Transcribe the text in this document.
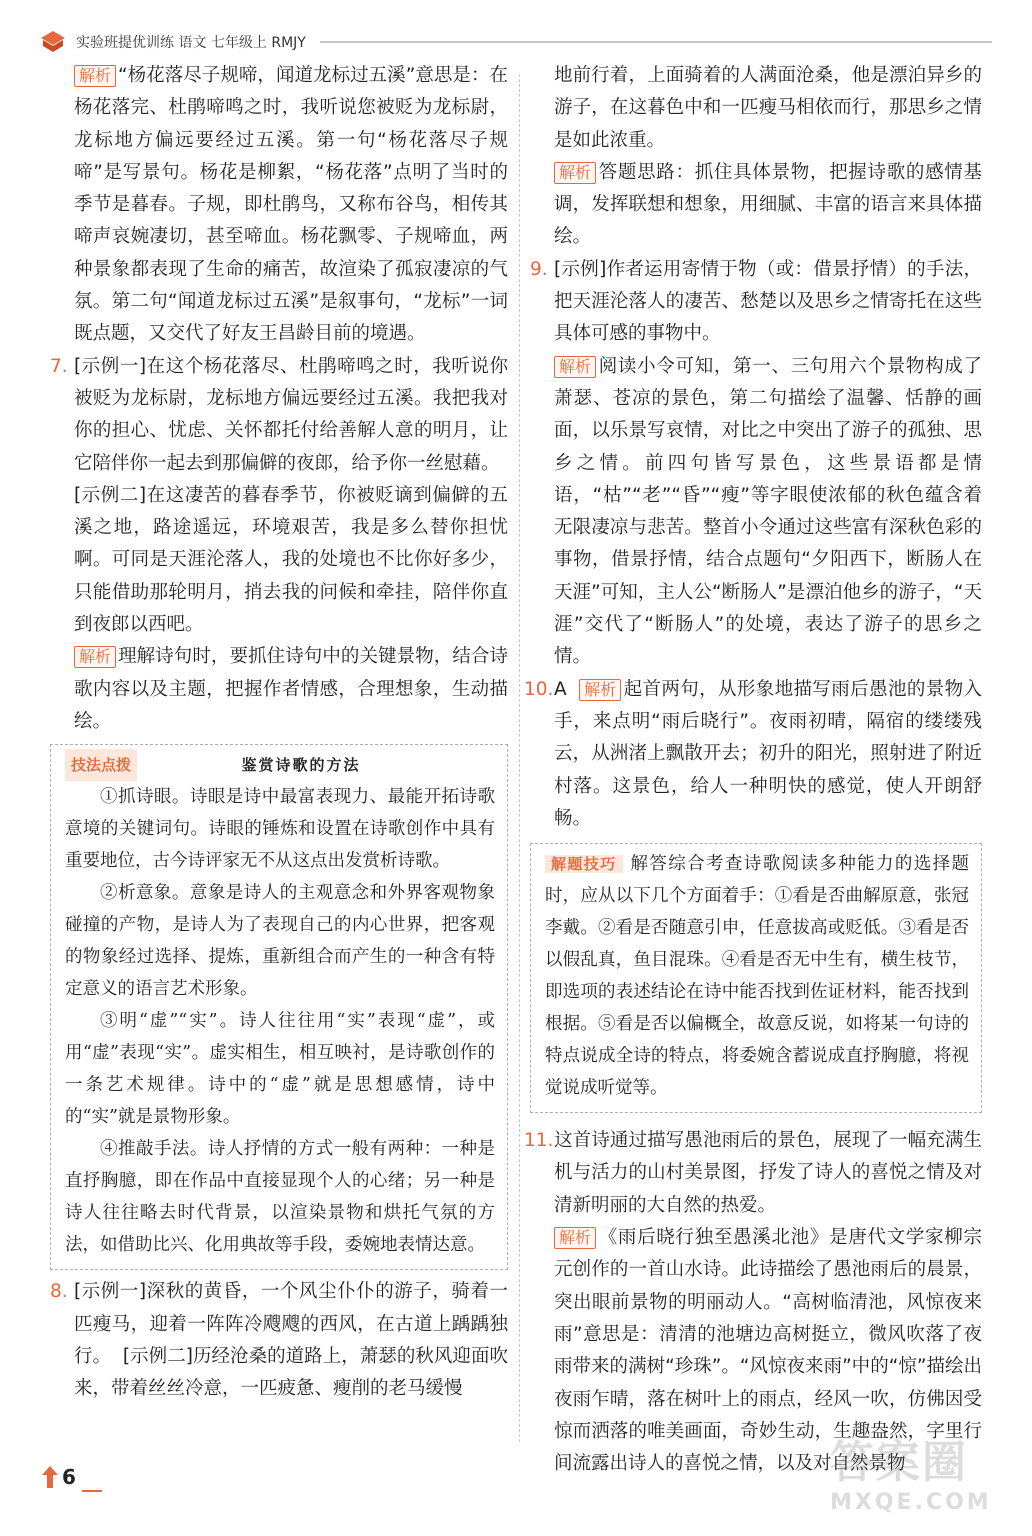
实验班提优训练 语文 七年级上 RMJY

解析 “杨花落尽子规啼，闻道龙标过五溪”意思是：在杨花落完、杜鹃啼鸣之时，我听说您被贬为龙标尉，龙标地方偏远要经过五溪。第一句“杨花落尽子规啼”是写景句。杨花是柳絮，“杨花落”点明了当时的季节是暮春。子规，即杜鹃鸟，又称布谷鸟，相传其啼声哀婉凄切，甚至啼血。杨花飘零、子规啼血，两种景象都表现了生命的痛苦，故渲染了孤寂凄凉的气氛。第二句“闻道龙标过五溪”是叙事句，“龙标”一词既点题，又交代了好友王昌龄目前的境遇。

7. [示例一]在这个杨花落尽、杜鹃啼鸣之时，我听说你被贬为龙标尉，龙标地方偏远要经过五溪。我把我对你的担心、忧虑、关怀都托付给善解人意的明月，让它陪伴你一起去到那偏僻的夜郎，给予你一丝慰藉。

[示例二]在这凄苦的暮春季节，你被贬谪到偏僻的五溪之地，路途遥远，环境艰苦，我是多么替你担忧啊。可同是天涯沦落人，我的处境也不比你好多少，只能借助那轮明月，捎去我的问候和牵挂，陪伴你直到夜郎以西吧。

解析 理解诗句时，要抓住诗句中的关键景物，结合诗歌内容以及主题，把握作者情感，合理想象，生动描绘。

技法点拨	鉴赏诗歌的方法

①抓诗眼。诗眼是诗中最富表现力、最能开拓诗歌意境的关键词句。诗眼的锤炼和设置在诗歌创作中具有重要地位，古今诗评家无不从这点出发赏析诗歌。

②析意象。意象是诗人的主观意念和外界客观物象碰撞的产物，是诗人为了表现自己的内心世界，把客观的物象经过选择、提炼，重新组合而产生的一种含有特定意义的语言艺术形象。

③明“虚”“实”。诗人往往用“实”表现“虚”，或用“虚”表现“实”。虚实相生，相互映衬，是诗歌创作的一条艺术规律。诗中的“虚”就是思想感情，诗中的“实”就是景物形象。

④推敲手法。诗人抒情的方式一般有两种：一种是直抒胸臆，即在作品中直接显现个人的心绪；另一种是诗人往往略去时代背景，以渲染景物和烘托气氛的方法，如借助比兴、化用典故等手段，委婉地表情达意。

8. [示例一]深秋的黄昏，一个风尘仆仆的游子，骑着一匹瘦马，迎着一阵阵冷飕飕的西风，在古道上踽踽独行。 [示例二]历经沧桑的道路上，萧瑟的秋风迎面吹来，带着丝丝冷意，一匹疲惫、瘦削的老马缓慢

地前行着，上面骑着的人满面沧桑，他是漂泊异乡的游子，在这暮色中和一匹瘦马相依而行，那思乡之情是如此浓重。

解析 答题思路：抓住具体景物，把握诗歌的感情基调，发挥联想和想象，用细腻、丰富的语言来具体描绘。

9. [示例]作者运用寄情于物（或：借景抒情）的手法，把天涯沦落人的凄苦、愁楚以及思乡之情寄托在这些具体可感的事物中。

解析 阅读小令可知，第一、三句用六个景物构成了萧瑟、苍凉的景色，第二句描绘了温馨、恬静的画面，以乐景写哀情，对比之中突出了游子的孤独、思乡之情。前四句皆写景色，这些景语都是情语，“枯”“老”“昏”“瘦”等字眼使浓郁的秋色蕴含着无限凄凉与悲苦。整首小令通过这些富有深秋色彩的事物，借景抒情，结合点题句“夕阳西下，断肠人在天涯”可知，主人公“断肠人”是漂泊他乡的游子，“天涯”交代了“断肠人”的处境，表达了游子的思乡之情。

10.A 解析 起首两句，从形象地描写雨后愚池的景物入手，来点明“雨后晓行”。夜雨初晴，隔宿的缕缕残云，从洲渚上飘散开去；初升的阳光，照射进了附近村落。这景色，给人一种明快的感觉，使人开朗舒畅。

解题技巧 解答综合考查诗歌阅读多种能力的选择题时，应从以下几个方面着手：①看是否曲解原意，张冠李戴。②看是否随意引申，任意拔高或贬低。③看是否以假乱真，鱼目混珠。④看是否无中生有，横生枝节，即选项的表述结论在诗中能否找到佐证材料，能否找到根据。⑤看是否以偏概全，故意反说，如将某一句诗的特点说成全诗的特点，将委婉含蓄说成直抒胸臆，将视觉说成听觉等。

11.这首诗通过描写愚池雨后的景色，展现了一幅充满生机与活力的山村美景图，抒发了诗人的喜悦之情及对清新明丽的大自然的热爱。

解析 《雨后晓行独至愚溪北池》是唐代文学家柳宗元创作的一首山水诗。此诗描绘了愚池雨后的晨景，突出眼前景物的明丽动人。“高树临清池，风惊夜来雨”意思是：清清的池塘边高树挺立，微风吹落了夜雨带来的满树“珍珠”。“风惊夜来雨”中的“惊”描绘出夜雨乍晴，落在树叶上的雨点，经风一吹，仿佛因受惊而洒落的唯美画面，奇妙生动，生趣盎然，字里行间流露出诗人的喜悦之情，以及对自然景物

6	答案圈
MXQE.COM
